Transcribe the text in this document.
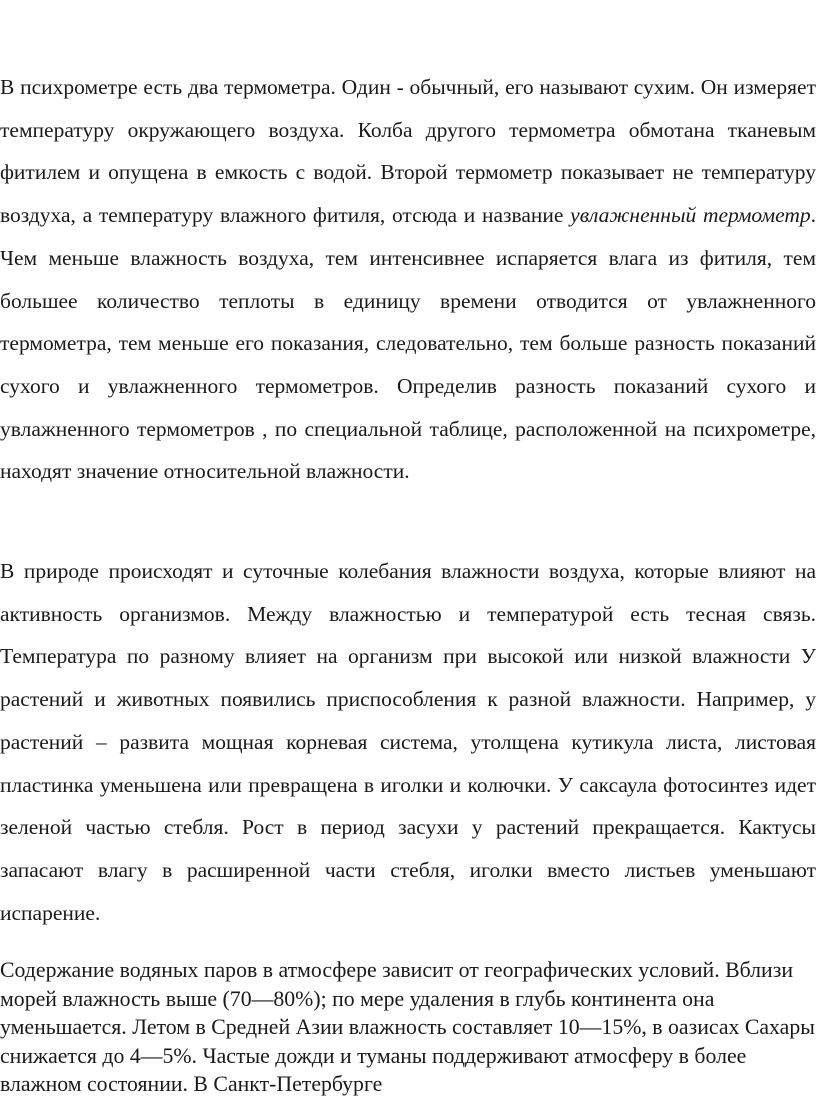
В психрометре есть два термометра. Один - обычный, его называют сухим. Он измеряет температуру окружающего воздуха. Колба другого термометра обмотана тканевым фитилем и опущена в емкость с водой. Второй термометр показывает не температуру воздуха, а температуру влажного фитиля, отсюда и название увлажненный термометр. Чем меньше влажность воздуха, тем интенсивнее испаряется влага из фитиля, тем большее количество теплоты в единицу времени отводится от увлажненного термометра, тем меньше его показания, следовательно, тем больше разность показаний сухого и увлажненного термометров. Определив разность показаний сухого и увлажненного термометров , по специальной таблице, расположенной на психрометре, находят значение относительной влажности.

В природе происходят и суточные колебания влажности воздуха, которые влияют на активность организмов. Между влажностью и температурой есть тесная связь. Температура по разному влияет на организм при высокой или низкой влажности У растений и животных появились приспособления к разной влажности. Например, у растений – развита мощная корневая система, утолщена кутикула листа, листовая пластинка уменьшена или превращена в иголки и колючки. У саксаула фотосинтез идет зеленой частью стебля. Рост в период засухи у растений прекращается. Кактусы запасают влагу в расширенной части стебля, иголки вместо листьев уменьшают испарение.

Содержание водяных паров в атмосфере зависит от географических условий. Вблизи морей влажность выше (70—80%); по мере удаления в глубь континента она уменьшается. Летом в Средней Азии влажность составляет 10—15%, в оазисах Сахары снижается до 4—5%. Частые дожди и туманы поддерживают атмосферу в более влажном состоянии. В Санкт-Петербурге
